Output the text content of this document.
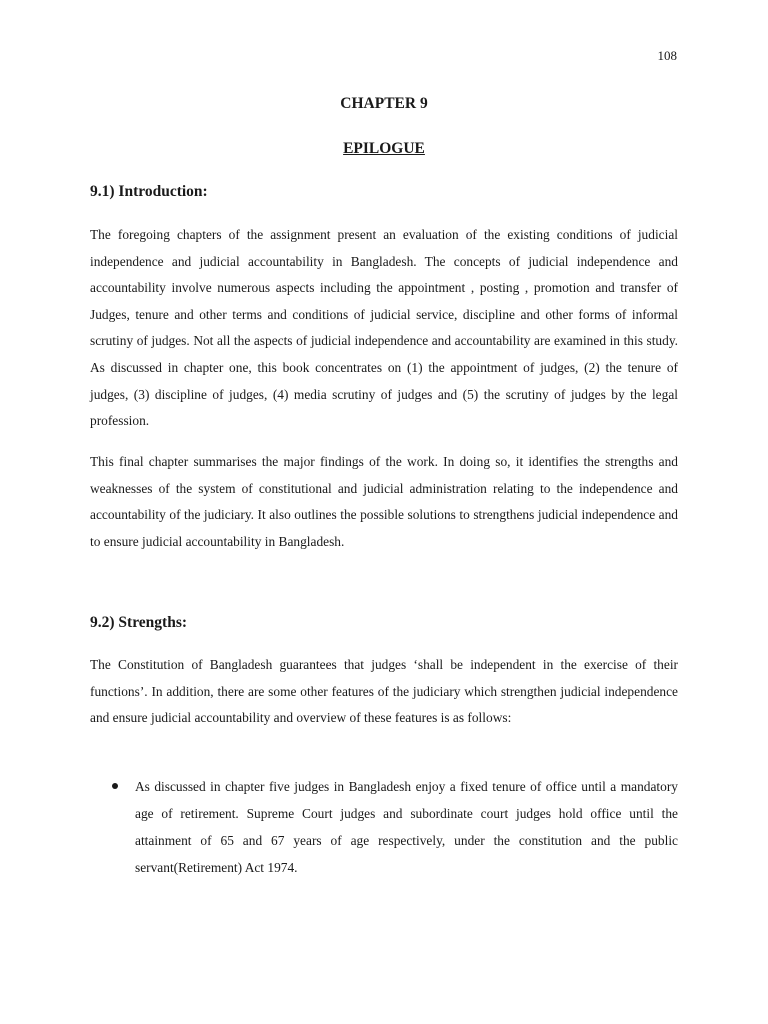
108
CHAPTER 9
EPILOGUE
9.1) Introduction:

The foregoing chapters of the assignment present an evaluation of the existing conditions of judicial independence and judicial accountability in Bangladesh. The concepts of judicial independence and accountability involve numerous aspects including the appointment , posting , promotion and transfer of Judges, tenure and other terms and conditions of judicial service, discipline and other forms of informal scrutiny of judges. Not all the aspects of judicial independence and accountability are examined in this study. As discussed in chapter one, this book concentrates on (1) the appointment of judges, (2) the tenure of judges, (3) discipline of judges, (4) media scrutiny of judges and (5) the scrutiny of judges by the legal profession.

This final chapter summarises the major findings of the work. In doing so, it identifies the strengths and weaknesses of the system of constitutional and judicial administration relating to the independence and accountability of the judiciary. It also outlines the possible solutions to strengthens judicial independence and to ensure judicial accountability in Bangladesh.

9.2) Strengths:

The Constitution of Bangladesh guarantees that judges ‘shall be independent in the exercise of their functions’. In addition, there are some other features of the judiciary which strengthen judicial independence and ensure judicial accountability and overview of these features is as follows:

As discussed in chapter five judges in Bangladesh enjoy a fixed tenure of office until a mandatory age of retirement. Supreme Court judges and subordinate court judges hold office until the attainment of 65 and 67 years of age respectively, under the constitution and the public servant(Retirement) Act 1974.
